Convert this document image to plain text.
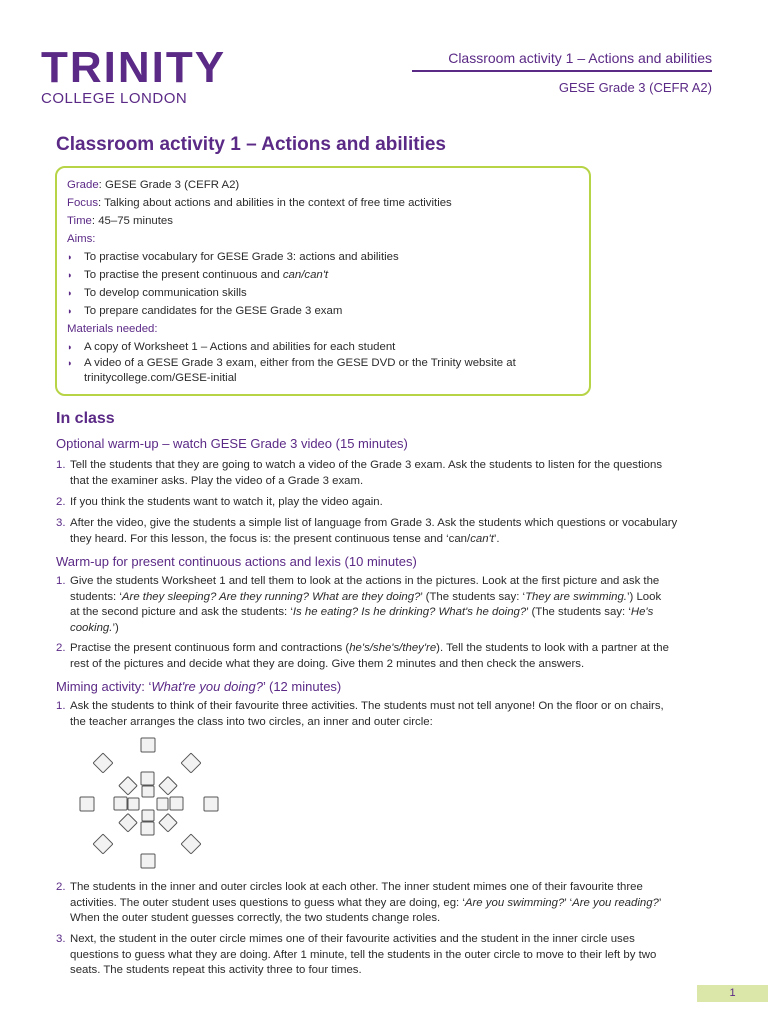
TRINITY
COLLEGE LONDON
Classroom activity 1 – Actions and abilities
GESE Grade 3 (CEFR A2)
Classroom activity 1 – Actions and abilities
Grade: GESE Grade 3 (CEFR A2)
Focus: Talking about actions and abilities in the context of free time activities
Time: 45–75 minutes
Aims:
◗ To practise vocabulary for GESE Grade 3: actions and abilities
◗ To practise the present continuous and can/can't
◗ To develop communication skills
◗ To prepare candidates for the GESE Grade 3 exam
Materials needed:
◗ A copy of Worksheet 1 – Actions and abilities for each student
◗ A video of a GESE Grade 3 exam, either from the GESE DVD or the Trinity website at
trinitycollege.com/GESE-initial
In class
Optional warm-up – watch GESE Grade 3 video (15 minutes)
1. Tell the students that they are going to watch a video of the Grade 3 exam. Ask the students to listen for the questions
that the examiner asks. Play the video of a Grade 3 exam.
2. If you think the students want to watch it, play the video again.
3. After the video, give the students a simple list of language from Grade 3. Ask the students which questions or vocabulary
they heard. For this lesson, the focus is: the present continuous tense and ‘can/can't’.
Warm-up for present continuous actions and lexis (10 minutes)
1. Give the students Worksheet 1 and tell them to look at the actions in the pictures. Look at the first picture and ask the
students: ‘Are they sleeping? Are they running? What are they doing?’ (The students say: ‘They are swimming.’) Look
at the second picture and ask the students: ‘Is he eating? Is he drinking? What's he doing?’ (The students say: ‘He's
cooking.’)
2. Practise the present continuous form and contractions (he's/she's/they're). Tell the students to look with a partner at the
rest of the pictures and decide what they are doing. Give them 2 minutes and then check the answers.
Miming activity: ‘What're you doing?’ (12 minutes)
1. Ask the students to think of their favourite three activities. The students must not tell anyone! On the floor or on chairs,
the teacher arranges the class into two circles, an inner and outer circle:
2. The students in the inner and outer circles look at each other. The inner student mimes one of their favourite three
activities. The outer student uses questions to guess what they are doing, eg: ‘Are you swimming?’ ‘Are you reading?’
When the outer student guesses correctly, the two students change roles.
3. Next, the student in the outer circle mimes one of their favourite activities and the student in the inner circle uses
questions to guess what they are doing. After 1 minute, tell the students in the outer circle to move to their left by two
seats. The students repeat this activity three to four times.
1
